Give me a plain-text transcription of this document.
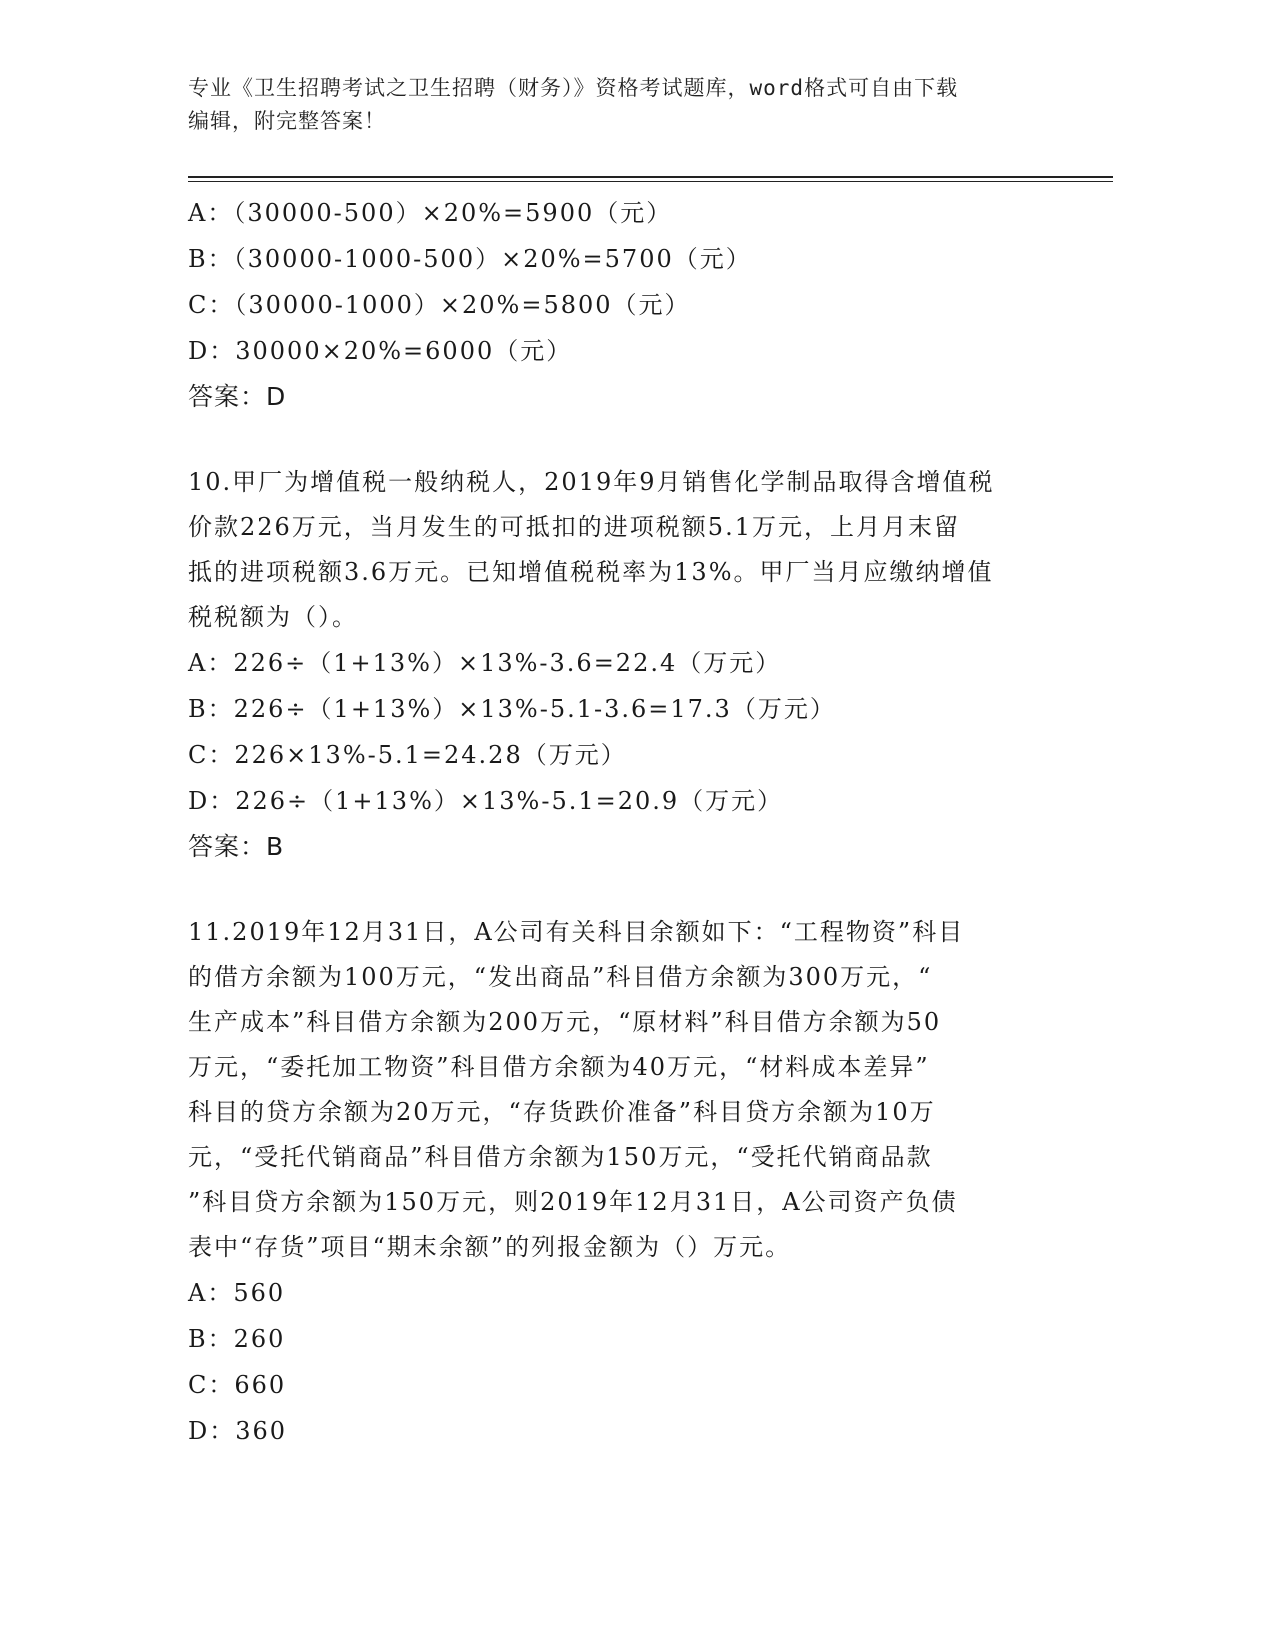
专业《卫生招聘考试之卫生招聘（财务）》资格考试题库，word格式可自由下载
编辑，附完整答案！
A：（30000-500）×20%=5900（元）
B：（30000-1000-500）×20%=5700（元）
C：（30000-1000）×20%=5800（元）
D：30000×20%=6000（元）
答案：D
10.甲厂为增值税一般纳税人，2019年9月销售化学制品取得含增值税
价款226万元，当月发生的可抵扣的进项税额5.1万元，上月月末留
抵的进项税额3.6万元。已知增值税税率为13%。甲厂当月应缴纳增值
税税额为（）。
A：226÷（1+13%）×13%-3.6=22.4（万元）
B：226÷（1+13%）×13%-5.1-3.6=17.3（万元）
C：226×13%-5.1=24.28（万元）
D：226÷（1+13%）×13%-5.1=20.9（万元）
答案：B
11.2019年12月31日，A公司有关科目余额如下：“工程物资”科目
的借方余额为100万元，“发出商品”科目借方余额为300万元，“
生产成本”科目借方余额为200万元，“原材料”科目借方余额为50
万元，“委托加工物资”科目借方余额为40万元，“材料成本差异”
科目的贷方余额为20万元，“存货跌价准备”科目贷方余额为10万
元，“受托代销商品”科目借方余额为150万元，“受托代销商品款
”科目贷方余额为150万元，则2019年12月31日，A公司资产负债
表中“存货”项目“期末余额”的列报金额为（）万元。
A：560
B：260
C：660
D：360
